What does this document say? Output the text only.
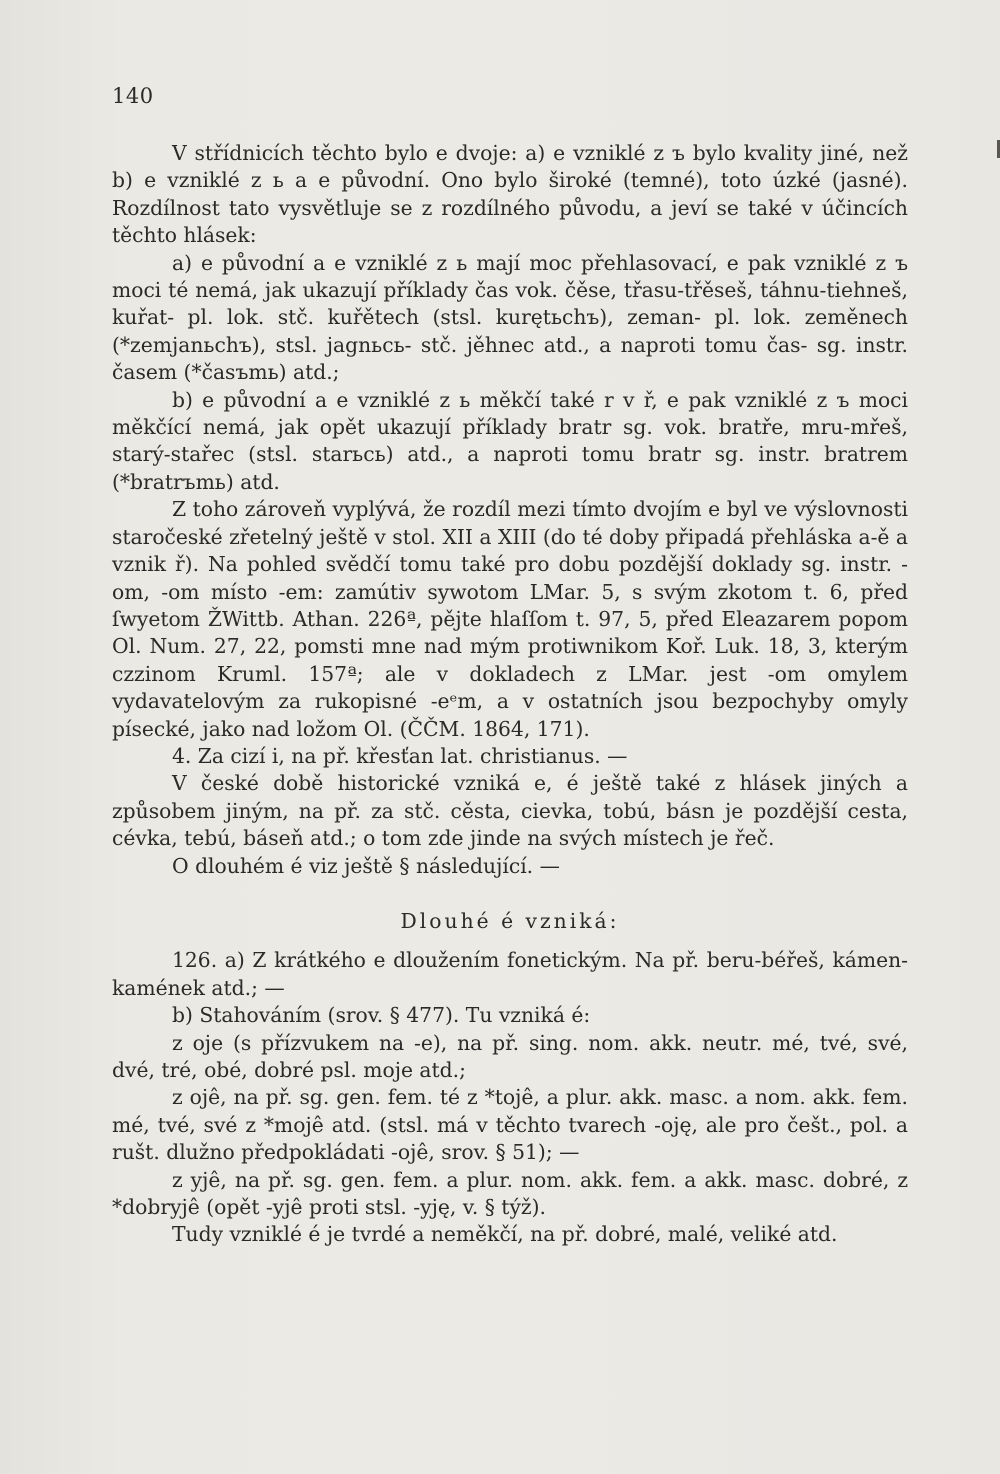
140

V střídnicích těchto bylo e dvoje: a) e vzniklé z ъ bylo kvality jiné, než b) e vzniklé z ь a e původní. Ono bylo široké (temné), toto úzké (jasné). Rozdílnost tato vysvětluje se z rozdílného původu, a jeví se také v účincích těchto hlásek:

a) e původní a e vzniklé z ь mají moc přehlasovací, e pak vzniklé z ъ moci té nemá, jak ukazují příklady čas vok. čěse, třasu-třěseš, táhnu-tiehneš, kuřat- pl. lok. stč. kuřětech (stsl. kurętьchъ), zeman- pl. lok. zeměnech (*zemjanьchъ), stsl. jagnьcь- stč. jěhnec atd., a naproti tomu čas- sg. instr. časem (*časъmь) atd.;

b) e původní a e vzniklé z ь měkčí také r v ř, e pak vzniklé z ъ moci měkčící nemá, jak opět ukazují příklady bratr sg. vok. bratře, mru-mřeš, starý-stařec (stsl. starьcь) atd., a naproti tomu bratr sg. instr. bratrem (*bratrъmь) atd.

Z toho zároveň vyplývá, že rozdíl mezi tímto dvojím e byl ve výslovnosti staročeské zřetelný ještě v stol. XII a XIII (do té doby připadá přehláska a-ě a vznik ř). Na pohled svědčí tomu také pro dobu pozdější doklady sg. instr. -om, -om místo -em: zamútiv sywotom LMar. 5, s svým zkotom t. 6, před ſwyetom ŽWittb. Athan. 226ª, pějte hlaſſom t. 97, 5, před Eleazarem popom Ol. Num. 27, 22, pomsti mne nad mým protiwnikom Koř. Luk. 18, 3, kterým czzinom Kruml. 157ª; ale v dokladech z LMar. jest -om omylem vydavatelovým za rukopisné -eᵉm, a v ostatních jsou bezpochyby omyly písecké, jako nad ložom Ol. (ČČM. 1864, 171).

4. Za cizí i, na př. křesťan lat. christianus. —

V české době historické vzniká e, é ještě také z hlásek jiných a způsobem jiným, na př. za stč. cěsta, cievka, tobú, básn je pozdější cesta, cévka, tebú, báseň atd.; o tom zde jinde na svých místech je řeč.

O dlouhém é viz ještě § následující. —

Dlouhé é vzniká:

126. a) Z krátkého e dloužením fonetickým. Na př. beru-béřeš, kámen-kamének atd.; —

b) Stahováním (srov. § 477). Tu vzniká é:

z oje (s přízvukem na -e), na př. sing. nom. akk. neutr. mé, tvé, své, dvé, tré, obé, dobré psl. moje atd.;

z ojê, na př. sg. gen. fem. té z *tojê, a plur. akk. masc. a nom. akk. fem. mé, tvé, své z *mojê atd. (stsl. má v těchto tvarech -oję, ale pro češt., pol. a rušt. dlužno předpokládati -ojê, srov. § 51); —

z yjê, na př. sg. gen. fem. a plur. nom. akk. fem. a akk. masc. dobré, z *dobryjê (opět -yjê proti stsl. -yję, v. § týž).

Tudy vzniklé é je tvrdé a neměkčí, na př. dobré, malé, veliké atd.
